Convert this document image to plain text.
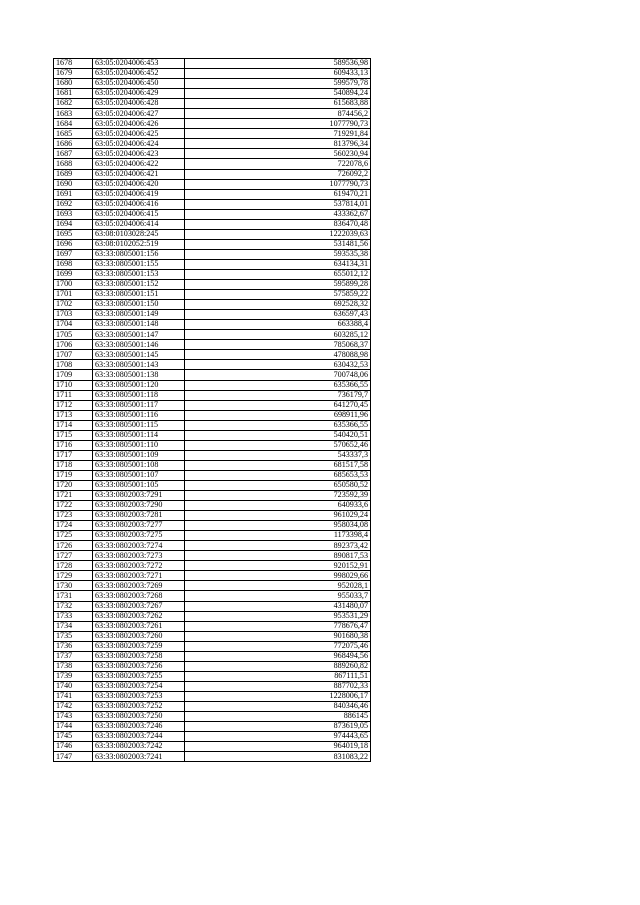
1678	63:05:0204006:453	589536,98
1679	63:05:0204006:452	609433,13
1680	63:05:0204006:450	599579,78
1681	63:05:0204006:429	540894,24
1682	63:05:0204006:428	615683,88
1683	63:05:0204006:427	874456,2
1684	63:05:0204006:426	1077790,73
1685	63:05:0204006:425	719291,84
1686	63:05:0204006:424	813796,34
1687	63:05:0204006:423	560230,94
1688	63:05:0204006:422	722078,6
1689	63:05:0204006:421	726092,2
1690	63:05:0204006:420	1077790,73
1691	63:05:0204006:419	619470,21
1692	63:05:0204006:416	537814,01
1693	63:05:0204006:415	433362,67
1694	63:05:0204006:414	836470,48
1695	63:08:0103028:245	1222039,63
1696	63:08:0102052:519	531481,56
1697	63:33:0805001:156	593535,38
1698	63:33:0805001:155	634134,31
1699	63:33:0805001:153	655012,12
1700	63:33:0805001:152	595899,28
1701	63:33:0805001:151	575859,22
1702	63:33:0805001:150	692528,32
1703	63:33:0805001:149	636597,43
1704	63:33:0805001:148	663388,4
1705	63:33:0805001:147	603285,12
1706	63:33:0805001:146	785068,37
1707	63:33:0805001:145	478088,98
1708	63:33:0805001:143	630432,53
1709	63:33:0805001:138	700748,06
1710	63:33:0805001:120	635366,55
1711	63:33:0805001:118	736179,7
1712	63:33:0805001:117	641270,45
1713	63:33:0805001:116	698911,96
1714	63:33:0805001:115	635366,55
1715	63:33:0805001:114	540420,51
1716	63:33:0805001:110	570652,46
1717	63:33:0805001:109	543337,3
1718	63:33:0805001:108	681517,58
1719	63:33:0805001:107	685653,53
1720	63:33:0805001:105	650580,52
1721	63:33:0802003:7291	723592,39
1722	63:33:0802003:7290	640933,6
1723	63:33:0802003:7281	961029,24
1724	63:33:0802003:7277	958034,08
1725	63:33:0802003:7275	1173398,4
1726	63:33:0802003:7274	892373,42
1727	63:33:0802003:7273	890817,53
1728	63:33:0802003:7272	920152,91
1729	63:33:0802003:7271	998029,66
1730	63:33:0802003:7269	952028,1
1731	63:33:0802003:7268	955033,7
1732	63:33:0802003:7267	431480,07
1733	63:33:0802003:7262	953531,29
1734	63:33:0802003:7261	778676,47
1735	63:33:0802003:7260	901680,38
1736	63:33:0802003:7259	772075,46
1737	63:33:0802003:7258	968494,56
1738	63:33:0802003:7256	889260,82
1739	63:33:0802003:7255	867111,51
1740	63:33:0802003:7254	887702,33
1741	63:33:0802003:7253	1228006,17
1742	63:33:0802003:7252	840346,46
1743	63:33:0802003:7250	886145
1744	63:33:0802003:7246	873619,05
1745	63:33:0802003:7244	974443,65
1746	63:33:0802003:7242	964019,18
1747	63:33:0802003:7241	831083,22
